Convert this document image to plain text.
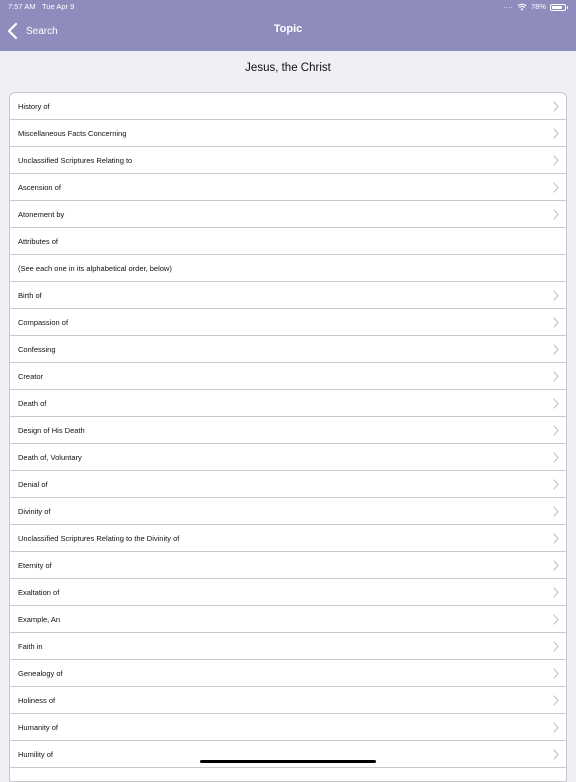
7:57 AM Tue Apr 9	.... 78%
Search	Topic
Jesus, the Christ
History of
Miscellaneous Facts Concerning
Unclassified Scriptures Relating to
Ascension of
Atonement by
Attributes of
(See each one in its alphabetical order, below)
Birth of
Compassion of
Confessing
Creator
Death of
Design of His Death
Death of, Voluntary
Denial of
Divinity of
Unclassified Scriptures Relating to the Divinity of
Eternity of
Exaltation of
Example, An
Faith in
Genealogy of
Holiness of
Humanity of
Humility of
